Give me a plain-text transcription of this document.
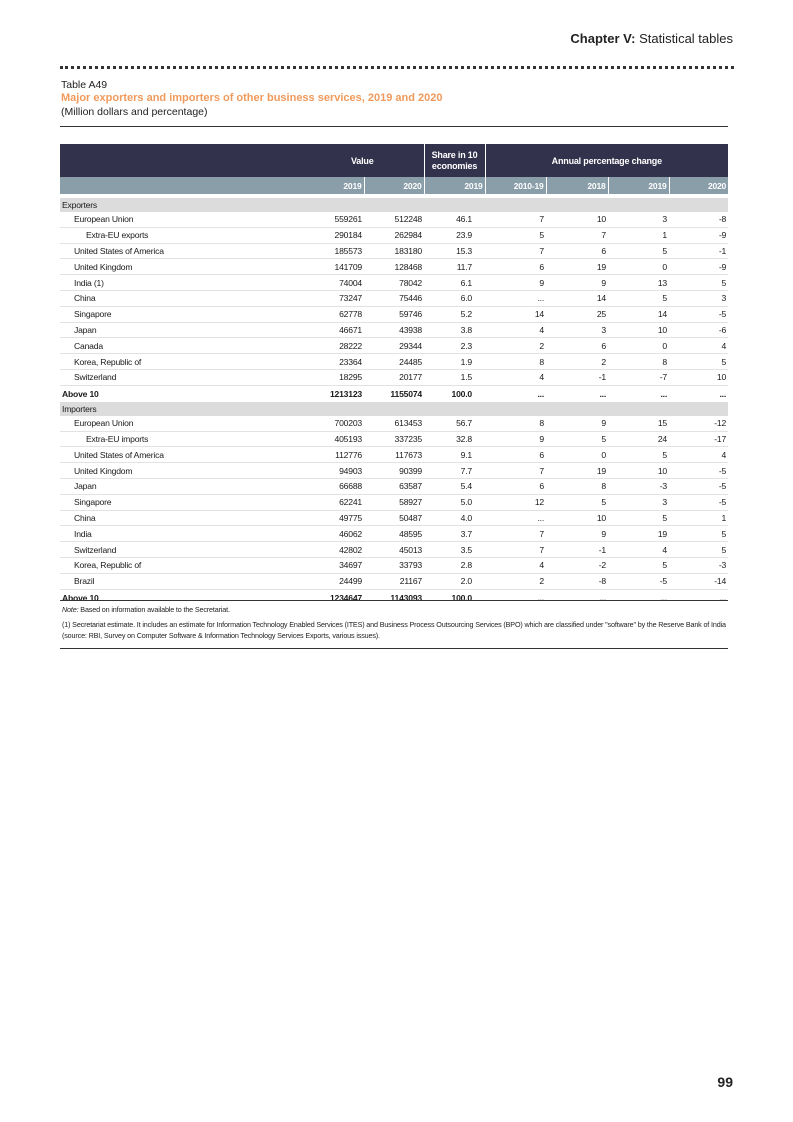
Chapter V: Statistical tables
Table A49
Major exporters and importers of other business services, 2019 and 2020
(Million dollars and percentage)
	Value		Share in 10 economies	Annual percentage change			
	2019	2020	2019	2010-19	2018	2019	2020

Exporters							
European Union	559261	512248	46.1	7	10	3	-8
Extra-EU exports	290184	262984	23.9	5	7	1	-9
United States of America	185573	183180	15.3	7	6	5	-1
United Kingdom	141709	128468	11.7	6	19	0	-9
India (1)	74004	78042	6.1	9	9	13	5
China	73247	75446	6.0	...	14	5	3
Singapore	62778	59746	5.2	14	25	14	-5
Japan	46671	43938	3.8	4	3	10	-6
Canada	28222	29344	2.3	2	6	0	4
Korea, Republic of	23364	24485	1.9	8	2	8	5
Switzerland	18295	20177	1.5	4	-1	-7	10
Above 10	1213123	1155074	100.0	...	...	...	...
Importers							
European Union	700203	613453	56.7	8	9	15	-12
Extra-EU imports	405193	337235	32.8	9	5	24	-17
United States of America	112776	117673	9.1	6	0	5	4
United Kingdom	94903	90399	7.7	7	19	10	-5
Japan	66688	63587	5.4	6	8	-3	-5
Singapore	62241	58927	5.0	12	5	3	-5
China	49775	50487	4.0	...	10	5	1
India	46062	48595	3.7	7	9	19	5
Switzerland	42802	45013	3.5	7	-1	4	5
Korea, Republic of	34697	33793	2.8	4	-2	5	-3
Brazil	24499	21167	2.0	2	-8	-5	-14
Above 10	1234647	1143093	100.0	...	...	...	...
Note: Based on information available to the Secretariat.
(1) Secretariat estimate. It includes an estimate for Information Technology Enabled Services (ITES) and Business Process Outsourcing Services (BPO) which are classified under "software" by the Reserve Bank of India (source: RBI, Survey on Computer Software & Information Technology Services Exports, various issues).
99
